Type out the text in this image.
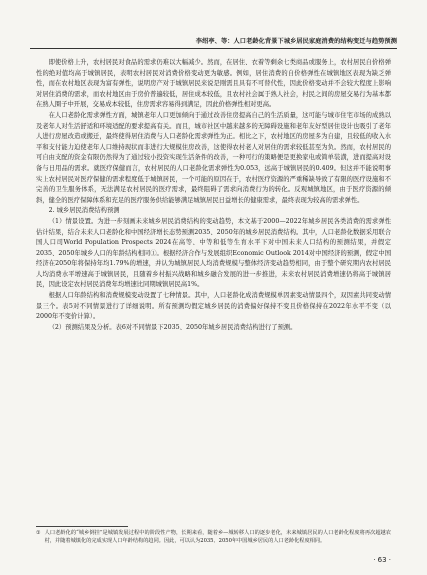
李绍亭、等：人口老龄化背景下城乡居民家庭消费的结构变迁与趋势预测

即使价格上升，农村居民对食品的需求仍难以大幅减少。然而，在居住、衣着等剩余七类商品或服务上，农村居民自价格弹性的绝对值均高于城镇居民，表明农村居民对消费价格变动更为敏感。例如，居住消费的自价格弹性在城镇地区表现为缺乏弹性，而在农村地区表现为富有弹性，说明房产对于城镇居民来说是刚需且具有不可替代性，因此价格变动并不会较大程度上影响对居住消费的需求，而农村地区由于房价普遍较低，居住成本较低，且农村社会属于熟人社会，村民之间的房屋交易行为基本都在熟人圈子中开展，交易成本较低，住房需求容易得到满足，因此价格弹性相对更高。

在人口老龄化需求弹性方面，城镇老年人口更加倾向于通过改善住房提高自己的生活质量，这可能与城市住宅市场的成熟以及老年人对生活舒适和环境适配的要求提高有关。而且，城市社区中越来越多的无障碍设施和老年友好型居住设计也吸引了老年人进行房屋改造或搬迁，最终使得居住消费与人口老龄化需求弹性为正。相比之下，农村地区的房屋多为自建，且较低的收入水平和支付能力迫使老年人口维持现状而非进行大规模住房改善，这使得农村老人对居住的需求较低甚至为负。然而，农村居民的可自由支配的资金有限仍然得为了通过较小投资实现生活条件的改善，一种可行的策略便是更换家电或简单装潢，进而提高对设备与日用品的需求。就医疗保健而言，农村居民的人口老龄化需求弹性为0.053，远高于城镇居民的0.409。但这并不能说明事实上农村居民对医疗保健的需求程度低于城镇居民，一个可能的原因在于，农村医疗资源的严重稀缺导致了有限的医疗设施和不完善的卫生服务体系，无法满足农村居民的医疗需求，最终阻碍了需求向消费行为的转化。反观城镇地区，由于医疗资源的倾斜，健全的医疗保障体系和充足的医疗服务供给能够满足城镇居民日益增长的健康需求，最终表现为较高的需求弹性。

2. 城乡居民消费结构预测

（1）情景设置。为进一步刻画未来城乡居民消费结构的变动趋势，本文基于2000—2022年城乡居民各类消费的需求弹性估计结果，结合未来人口老龄化和中国经济增长态势预测2035、2050年的城乡居民消费结构。其中，人口老龄化数据采用联合国人口司World Population Prospects 2024在高等、中等和低等生育水平下对中国未来人口结构的预测结果，并假定2035、2050年城乡人口的年龄结构相同①。根据经济合作与发展组织Economic Outlook 2014对中国经济的预测，假定中国经济在2050年将保持年均1.79%的增速，并认为城镇居民人均消费规模与整体经济变动趋势相同，由于整个研究期内农村居民人均消费水平增速高于城镇居民，且随着乡村振兴战略和城乡融合发展的进一步推进，未来农村居民消费增速仍将高于城镇居民，因此设定农村居民消费年均增速比同期城镇居民高1%。

根据人口年龄结构和消费规模变动设置了七种情景。其中，人口老龄化成消费规模单因素变动情景四个，双因素共同变动情景三个。表5对不同情景进行了详细说明。所有预测均假定城乡居民的消费偏好保持不变且价格保持在2022年水平不变（以2000年不变价计算）。

（2）预测结果及分析。表6对不同情景下2035、2050年城乡居民消费结构进行了预测。

① 人口老龄化的“城乡倒挂”是城镇发展过程中的阶段性产物，长期来看，随着乡—城转移人口的逐步老化，未来城镇居民的人口老龄化程度将再次超越农村，并随着城镇化的完成实现人口年龄结构的趋同。因此，可以认为2035、2050年中国城乡居民的人口老龄化程度相同。
· 63 ·
